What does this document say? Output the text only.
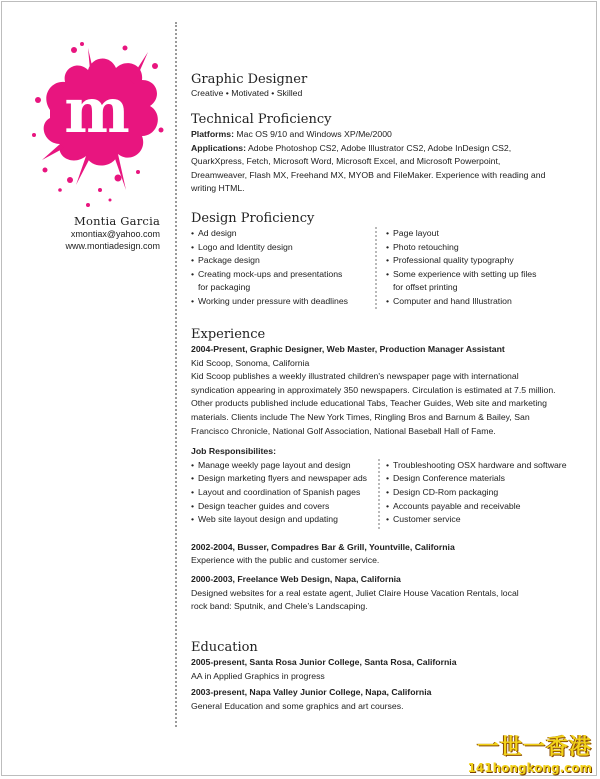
m
Montia Garcia
xmontiax@yahoo.com
www.montiadesign.com
Graphic Designer
Creative • Motivated • Skilled
Technical Proficiency
Platforms: Mac OS 9/10 and Windows XP/Me/2000
Applications: Adobe Photoshop CS2, Adobe Illustrator CS2, Adobe InDesign CS2,
QuarkXpress, Fetch, Microsoft Word, Microsoft Excel, and Microsoft Powerpoint,
Dreamweaver, Flash MX, Freehand MX, MYOB and FileMaker. Experience with reading and
writing HTML.
Design Proficiency
• Ad design
• Logo and Identity design
• Package design
• Creating mock-ups and presentations
for packaging
• Working under pressure with deadlines
• Page layout
• Photo retouching
• Professional quality typography
• Some experience with setting up files
for offset printing
• Computer and hand Illustration
Experience
2004-Present, Graphic Designer, Web Master, Production Manager Assistant
Kid Scoop, Sonoma, California
Kid Scoop publishes a weekly illustrated children's newspaper page with international
syndication appearing in approximately 350 newspapers. Circulation is estimated at 7.5 million.
Other products published include educational Tabs, Teacher Guides, Web site and marketing
materials. Clients include The New York Times, Ringling Bros and Barnum & Bailey, San
Francisco Chronicle, National Golf Association, National Baseball Hall of Fame.
Job Responsibilites:
• Manage weekly page layout and design
• Design marketing flyers and newspaper ads
• Layout and coordination of Spanish pages
• Design teacher guides and covers
• Web site layout design and updating
• Troubleshooting OSX hardware and software
• Design Conference materials
• Design CD-Rom packaging
• Accounts payable and receivable
• Customer service
2002-2004, Busser, Compadres Bar & Grill, Yountville, California
Experience with the public and customer service.
2000-2003, Freelance Web Design, Napa, California
Designed websites for a real estate agent, Juliet Claire House Vacation Rentals, local
rock band: Sputnik, and Chele’s Landscaping.
Education
2005-present, Santa Rosa Junior College, Santa Rosa, California
AA in Applied Graphics in progress
2003-present, Napa Valley Junior College, Napa, California
General Education and some graphics and art courses.
一世一香港
141hongkong.com
